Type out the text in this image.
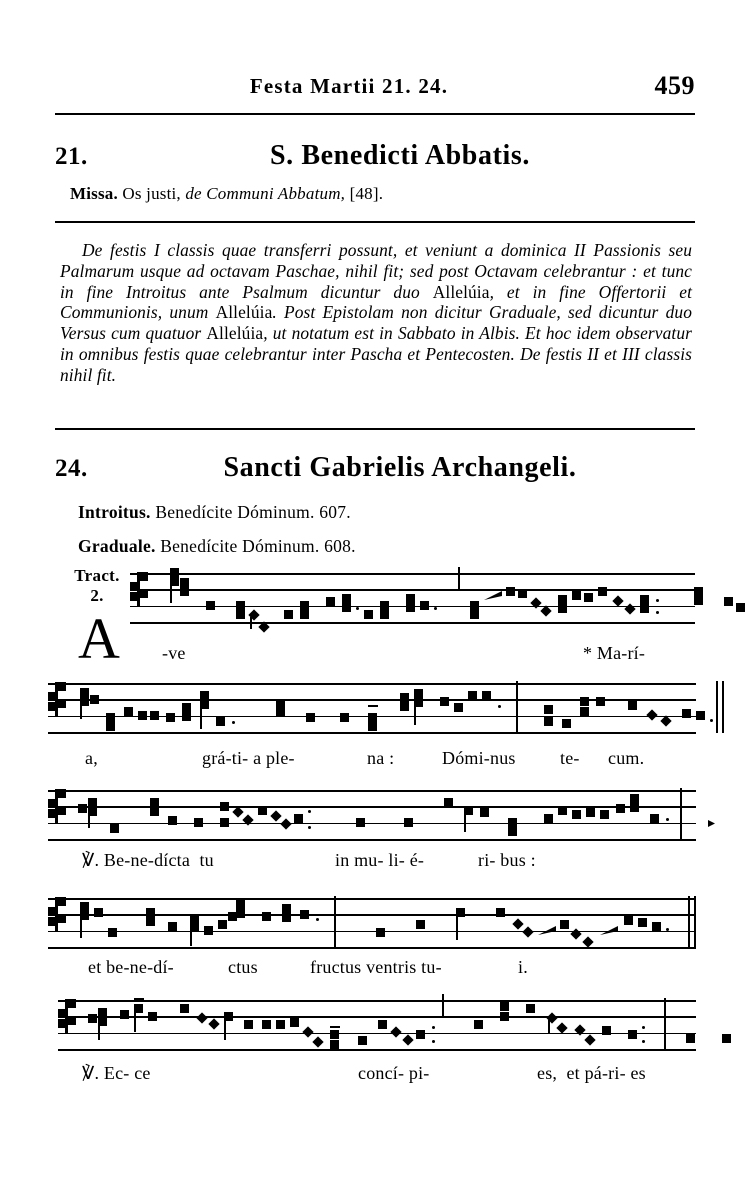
Festa Martii 21. 24.	459
21.	S. Benedicti Abbatis.
Missa. Os justi, de Communi Abbatum, [48].
De festis I classis quae transferri possunt, et veniunt a dominica II Passionis seu Palmarum usque ad octavam Paschae, nihil fit; sed post Octavam celebrantur : et tunc in fine Introitus ante Psalmum dicuntur duo Allelúia, et in fine Offertorii et Communionis, unum Allelúia. Post Epistolam non dicitur Graduale, sed dicuntur duo Versus cum quatuor Allelúia, ut notatum est in Sabbato in Albis. Et hoc idem observatur in omnibus festis quae celebrantur inter Pascha et Pentecosten. De festis II et III classis nihil fit.
24.	Sancti Gabrielis Archangeli.
Introitus. Benedícite Dóminum. 607.
Graduale. Benedícite Dóminum. 608.
Tract.
2.
A -ve	* Ma-rí-
a,	grá-ti- a ple-	na :	Dómi-nus te- cum.
℣. Be-ne-dícta  tu	in mu- li- é-	ri- bus :
et be-ne-dí-	ctus	fructus ventris tu-	i.
℣. Ec- ce	concí- pi-	es,  et pá-ri- es
